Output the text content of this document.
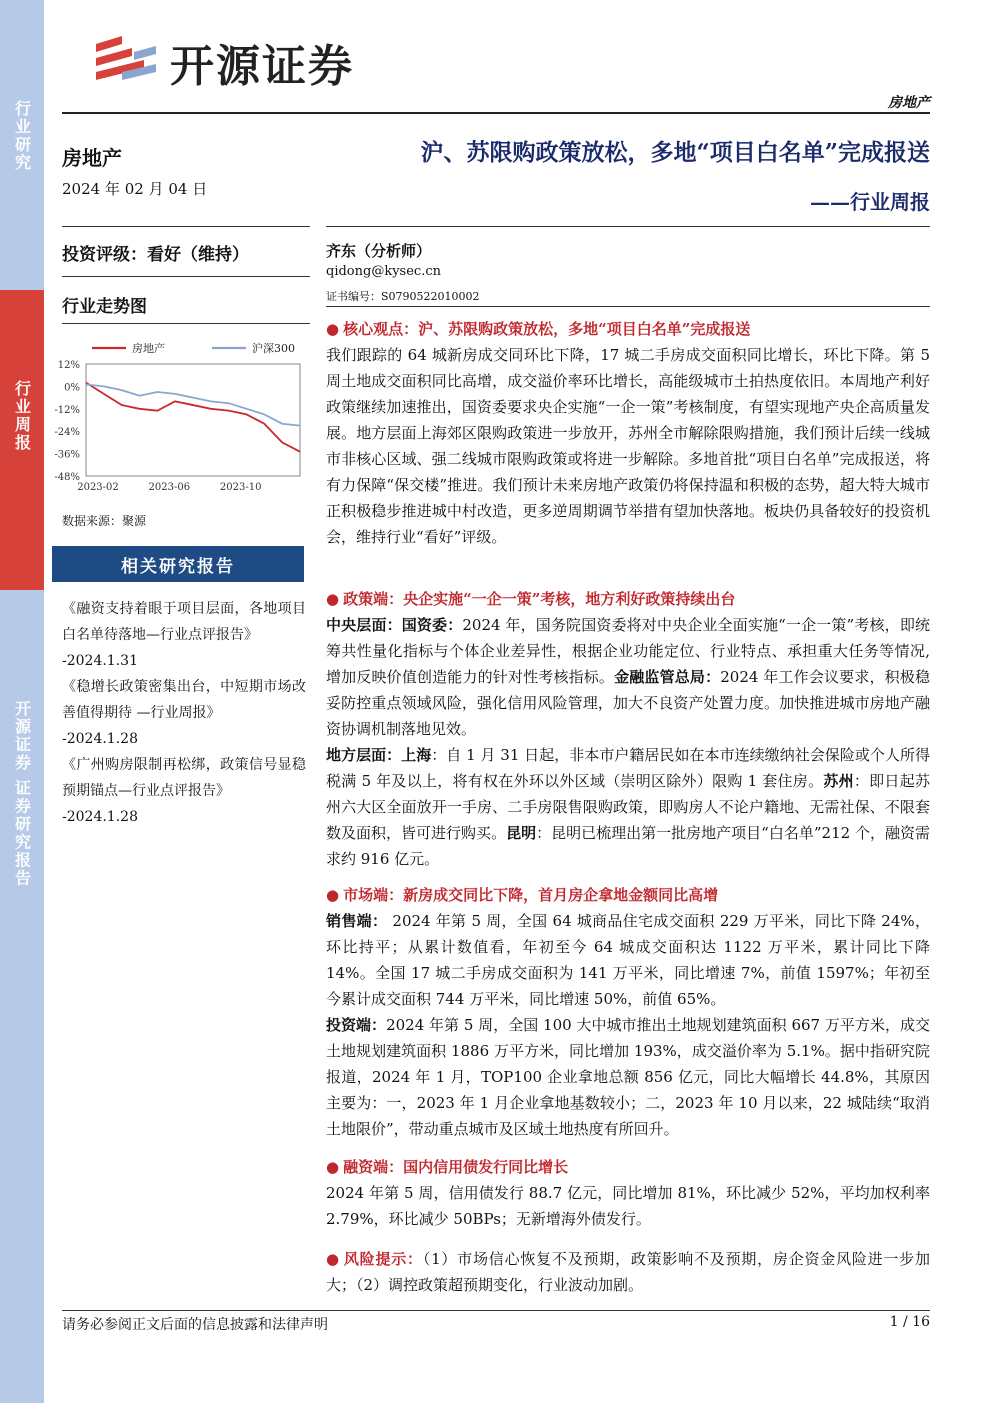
行业研究
行业周报
开源证券 证券研究报告
开源证券
房地产
房地产
2024 年 02 月 04 日
投资评级：看好（维持）
行业走势图
12%
0%
-12%
-24%
-36%
-48%
2023-02	2023-06	2023-10
房地产	沪深300
数据来源：聚源
相关研究报告
《融资支持着眼于项目层面，各地项目白名单待落地—行业点评报告》
-2024.1.31
《稳增长政策密集出台，中短期市场改善值得期待 —行业周报》
-2024.1.28
《广州购房限制再松绑，政策信号显稳预期锚点—行业点评报告》
-2024.1.28
沪、苏限购政策放松，多地“项目白名单”完成报送
——行业周报
齐东（分析师）
qidong@kysec.cn
证书编号：S0790522010002
● 核心观点：沪、苏限购政策放松，多地“项目白名单”完成报送
我们跟踪的 64 城新房成交同环比下降，17 城二手房成交面积同比增长，环比下降。第 5 周土地成交面积同比高增，成交溢价率环比增长，高能级城市土拍热度依旧。本周地产利好政策继续加速推出，国资委要求央企实施“一企一策”考核制度，有望实现地产央企高质量发展。地方层面上海郊区限购政策进一步放开，苏州全市解除限购措施，我们预计后续一线城市非核心区域、强二线城市限购政策或将进一步解除。多地首批“项目白名单”完成报送，将有力保障“保交楼”推进。我们预计未来房地产政策仍将保持温和积极的态势，超大特大城市正积极稳步推进城中村改造，更多逆周期调节举措有望加快落地。板块仍具备较好的投资机会，维持行业“看好”评级。
● 政策端：央企实施“一企一策”考核，地方利好政策持续出台
中央层面：国资委：2024 年，国务院国资委将对中央企业全面实施“一企一策”考核，即统筹共性量化指标与个体企业差异性，根据企业功能定位、行业特点、承担重大任务等情况,增加反映价值创造能力的针对性考核指标。金融监管总局：2024 年工作会议要求，积极稳妥防控重点领域风险，强化信用风险管理，加大不良资产处置力度。加快推进城市房地产融资协调机制落地见效。
地方层面：上海：自 1 月 31 日起，非本市户籍居民如在本市连续缴纳社会保险或个人所得税满 5 年及以上，将有权在外环以外区域（崇明区除外）限购 1 套住房。苏州：即日起苏州六大区全面放开一手房、二手房限售限购政策，即购房人不论户籍地、无需社保、不限套数及面积，皆可进行购买。昆明：昆明已梳理出第一批房地产项目“白名单”212 个，融资需求约 916 亿元。
● 市场端：新房成交同比下降，首月房企拿地金额同比高增
销售端： 2024 年第 5 周，全国 64 城商品住宅成交面积 229 万平米，同比下降 24%，环比持平；从累计数值看，年初至今 64 城成交面积达 1122 万平米，累计同比下降 14%。全国 17 城二手房成交面积为 141 万平米，同比增速 7%，前值 1597%；年初至今累计成交面积 744 万平米，同比增速 50%，前值 65%。
投资端：2024 年第 5 周，全国 100 大中城市推出土地规划建筑面积 667 万平方米，成交土地规划建筑面积 1886 万平方米，同比增加 193%，成交溢价率为 5.1%。据中指研究院报道，2024 年 1 月，TOP100 企业拿地总额 856 亿元，同比大幅增长 44.8%，其原因主要为：一，2023 年 1 月企业拿地基数较小；二，2023 年 10 月以来，22 城陆续“取消土地限价”，带动重点城市及区域土地热度有所回升。
● 融资端：国内信用债发行同比增长
2024 年第 5 周，信用债发行 88.7 亿元，同比增加 81%，环比减少 52%，平均加权利率 2.79%，环比减少 50BPs；无新增海外债发行。
● 风险提示：（1）市场信心恢复不及预期，政策影响不及预期，房企资金风险进一步加大；（2）调控政策超预期变化，行业波动加剧。
请务必参阅正文后面的信息披露和法律声明	1 / 16
